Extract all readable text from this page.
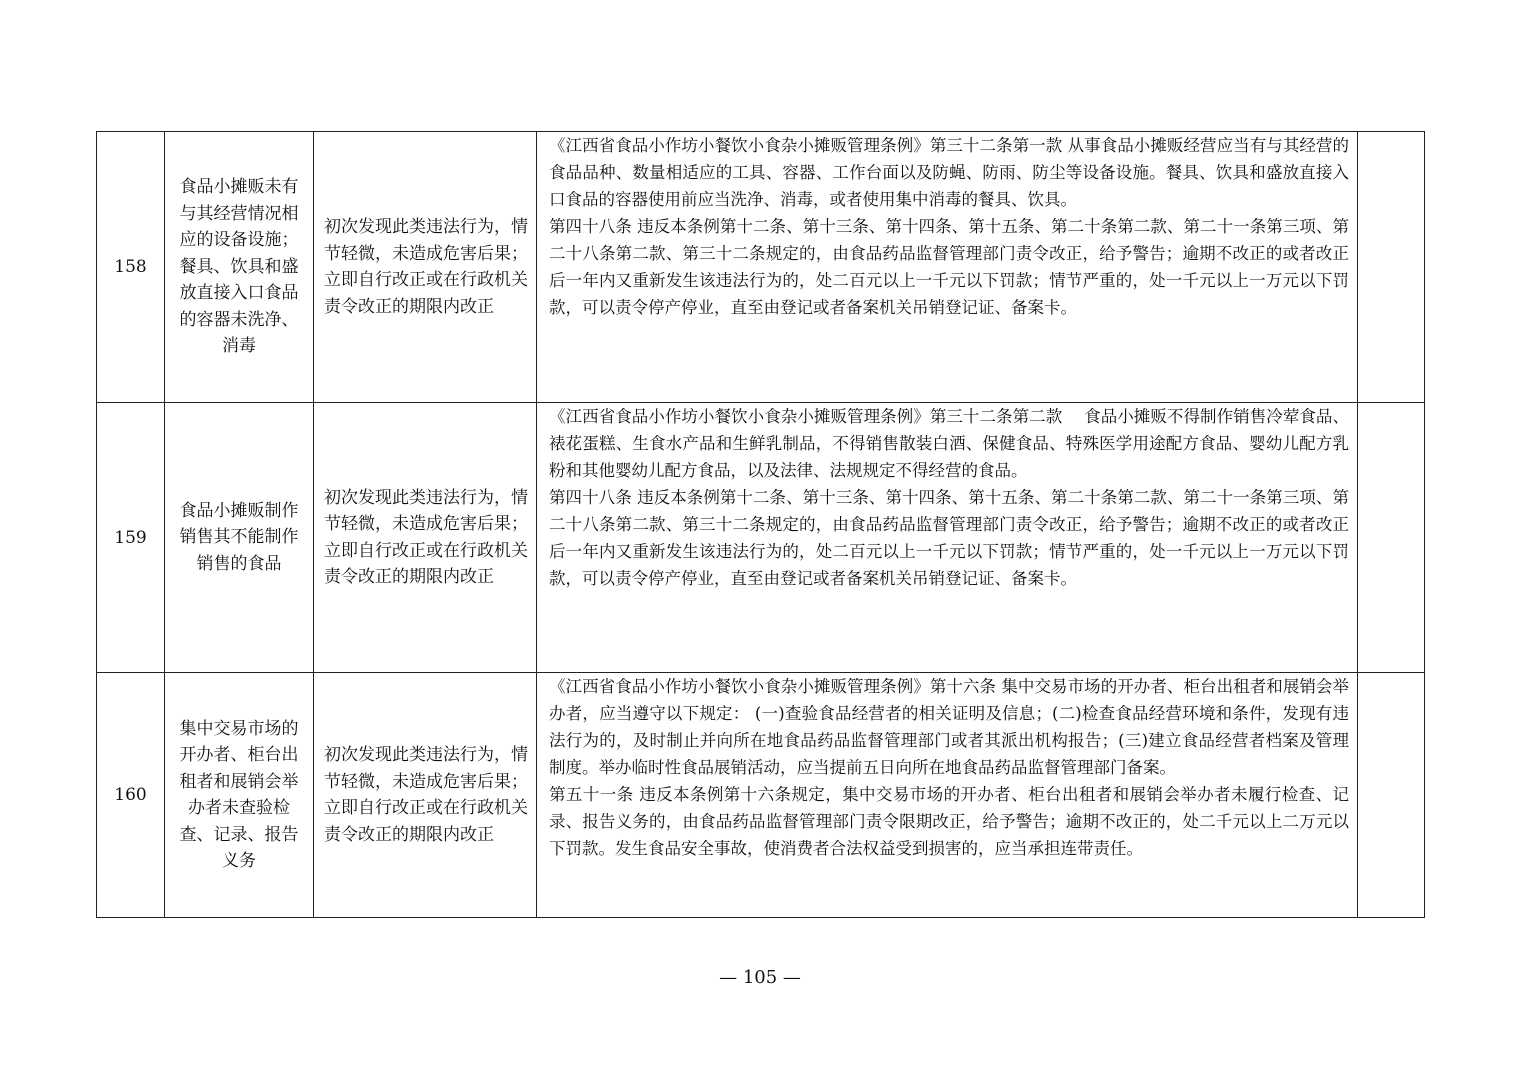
158	食品小摊贩未有与其经营情况相应的设备设施；餐具、饮具和盛放直接入口食品的容器未洗净、消毒	初次发现此类违法行为，情节轻微，未造成危害后果；立即自行改正或在行政机关责令改正的期限内改正	《江西省食品小作坊小餐饮小食杂小摊贩管理条例》第三十二条第一款 从事食品小摊贩经营应当有与其经营的食品品种、数量相适应的工具、容器、工作台面以及防蝇、防雨、防尘等设备设施。餐具、饮具和盛放直接入口食品的容器使用前应当洗净、消毒，或者使用集中消毒的餐具、饮具。

第四十八条 违反本条例第十二条、第十三条、第十四条、第十五条、第二十条第二款、第二十一条第三项、第二十八条第二款、第三十二条规定的，由食品药品监督管理部门责令改正，给予警告；逾期不改正的或者改正后一年内又重新发生该违法行为的，处二百元以上一千元以下罚款；情节严重的，处一千元以上一万元以下罚款，可以责令停产停业，直至由登记或者备案机关吊销登记证、备案卡。	

159	食品小摊贩制作销售其不能制作销售的食品	初次发现此类违法行为，情节轻微，未造成危害后果；立即自行改正或在行政机关责令改正的期限内改正	《江西省食品小作坊小餐饮小食杂小摊贩管理条例》第三十二条第二款　 食品小摊贩不得制作销售冷荤食品、裱花蛋糕、生食水产品和生鲜乳制品，不得销售散装白酒、保健食品、特殊医学用途配方食品、婴幼儿配方乳粉和其他婴幼儿配方食品，以及法律、法规规定不得经营的食品。

第四十八条 违反本条例第十二条、第十三条、第十四条、第十五条、第二十条第二款、第二十一条第三项、第二十八条第二款、第三十二条规定的，由食品药品监督管理部门责令改正，给予警告；逾期不改正的或者改正后一年内又重新发生该违法行为的，处二百元以上一千元以下罚款；情节严重的，处一千元以上一万元以下罚款，可以责令停产停业，直至由登记或者备案机关吊销登记证、备案卡。	

160	集中交易市场的开办者、柜台出租者和展销会举办者未查验检查、记录、报告义务	初次发现此类违法行为，情节轻微，未造成危害后果；立即自行改正或在行政机关责令改正的期限内改正	《江西省食品小作坊小餐饮小食杂小摊贩管理条例》第十六条 集中交易市场的开办者、柜台出租者和展销会举办者，应当遵守以下规定： (一)查验食品经营者的相关证明及信息；(二)检查食品经营环境和条件，发现有违法行为的，及时制止并向所在地食品药品监督管理部门或者其派出机构报告；(三)建立食品经营者档案及管理制度。举办临时性食品展销活动，应当提前五日向所在地食品药品监督管理部门备案。

第五十一条 违反本条例第十六条规定，集中交易市场的开办者、柜台出租者和展销会举办者未履行检查、记录、报告义务的，由食品药品监督管理部门责令限期改正，给予警告；逾期不改正的，处二千元以上二万元以下罚款。发生食品安全事故，使消费者合法权益受到损害的，应当承担连带责任。	

— 105 —
